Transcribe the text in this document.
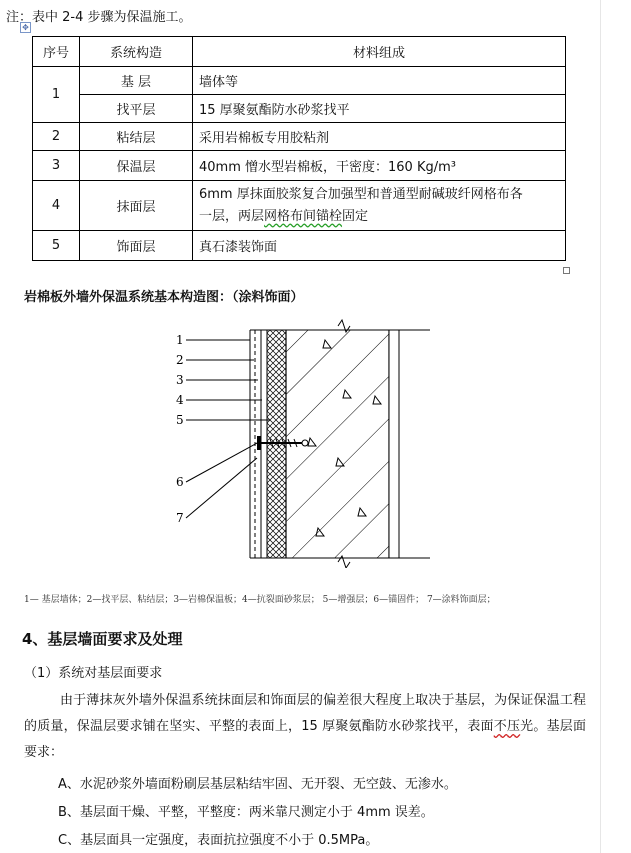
注：表中 2-4 步骤为保温施工。
✥
序号	系统构造	材料组成
1	基 层	墙体等
	找平层	15 厚聚氨酯防水砂浆找平
2	粘结层	采用岩棉板专用胶粘剂
3	保温层	40mm 憎水型岩棉板，干密度：160 Kg/m³
4	抹面层	6mm 厚抹面胶浆复合加强型和普通型耐碱玻纤网格布各
一层，两层网格布间锚栓固定
5	饰面层	真石漆装饰面
岩棉板外墙外保温系统基本构造图：（涂料饰面）
1
2
3
4
5
6
7
1— 基层墙体；2—找平层、粘结层；3—岩棉保温板；4—抗裂面砂浆层； 5—增强层；6—锚固件； 7—涂料饰面层；
4、基层墙面要求及处理
（1）系统对基层面要求
由于薄抹灰外墙外保温系统抹面层和饰面层的偏差很大程度上取决于基层，为保证保温工程的质量，保温层要求铺在坚实、平整的表面上，15 厚聚氨酯防水砂浆找平，表面不压光。基层面要求：
A、水泥砂浆外墙面粉刷层基层粘结牢固、无开裂、无空鼓、无渗水。
B、基层面干燥、平整，平整度：两米靠尺测定小于 4mm 误差。
C、基层面具一定强度，表面抗拉强度不小于 0.5MPa。
